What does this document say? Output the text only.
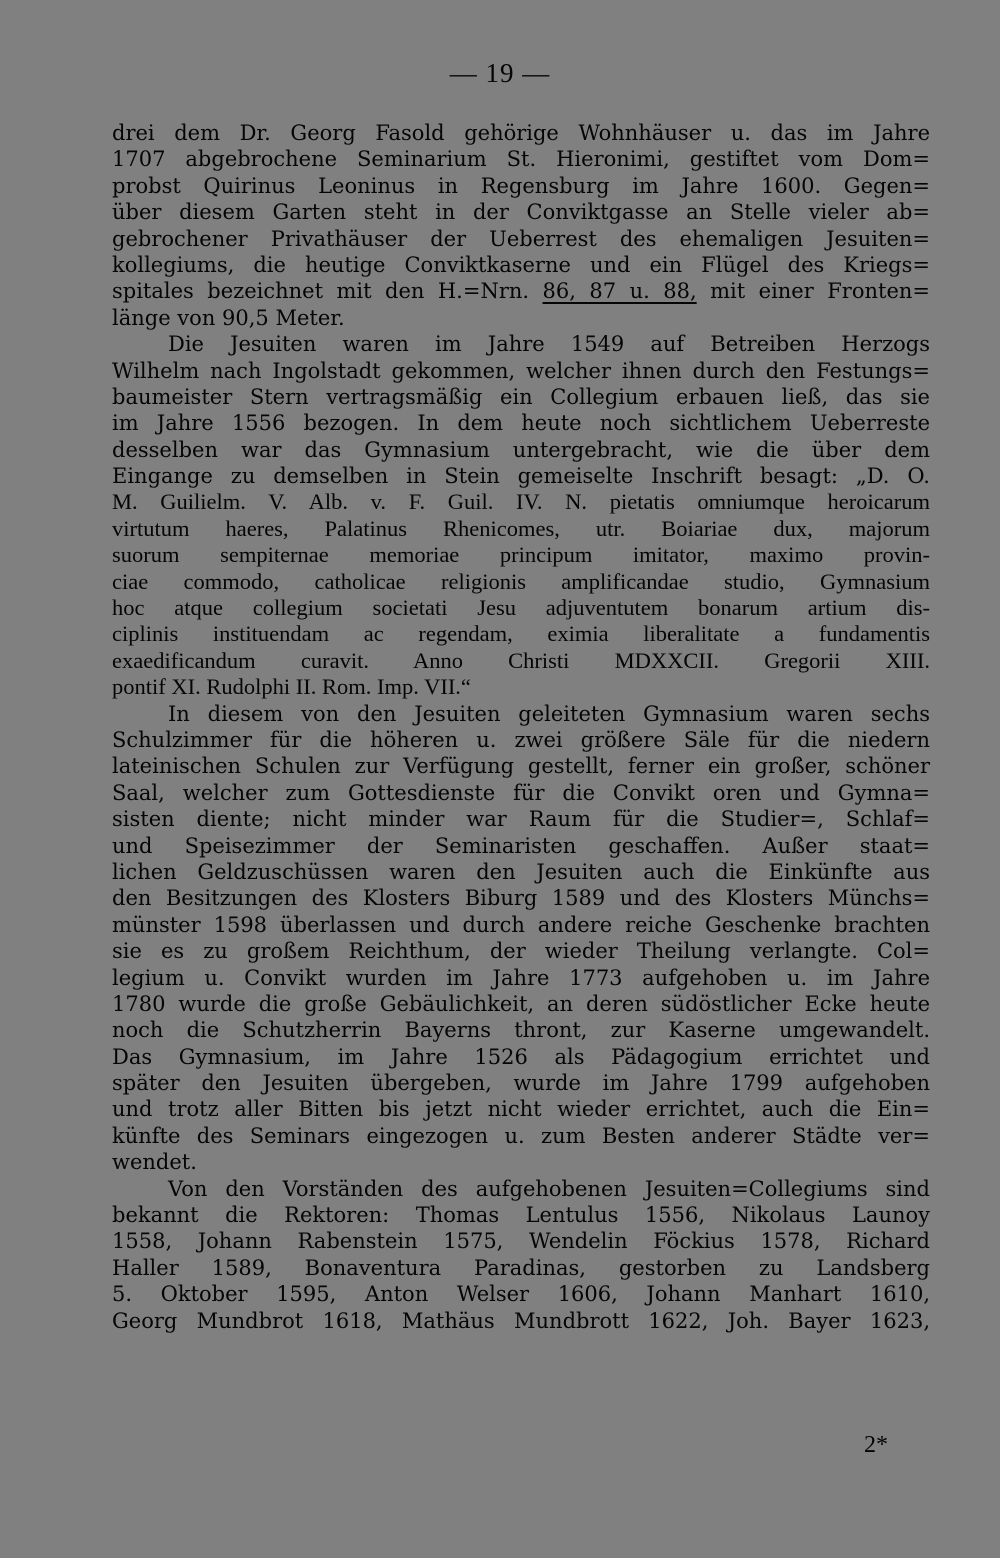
— 19 —
drei dem Dr. Georg Fasold gehörige Wohnhäuser u. das im Jahre
1707 abgebrochene Seminarium St. Hieronimi, gestiftet vom Dom=
probst Quirinus Leoninus in Regensburg im Jahre 1600. Gegen=
über diesem Garten steht in der Conviktgasse an Stelle vieler ab=
gebrochener Privathäuser der Ueberrest des ehemaligen Jesuiten=
kollegiums, die heutige Conviktkaserne und ein Flügel des Kriegs=
spitales bezeichnet mit den H.=Nrn. 86, 87 u. 88, mit einer Fronten=
länge von 90,5 Meter.
Die Jesuiten waren im Jahre 1549 auf Betreiben Herzogs
Wilhelm nach Ingolstadt gekommen, welcher ihnen durch den Festungs=
baumeister Stern vertragsmäßig ein Collegium erbauen ließ, das sie
im Jahre 1556 bezogen. In dem heute noch sichtlichem Ueberreste
desselben war das Gymnasium untergebracht, wie die über dem
Eingange zu demselben in Stein gemeiselte Inschrift besagt: „D. O.
M. Guilielm. V. Alb. v. F. Guil. IV. N. pietatis omniumque heroicarum
virtutum haeres, Palatinus Rhenicomes, utr. Boiariae dux, majorum
suorum sempiternae memoriae principum imitator, maximo provin-
ciae commodo, catholicae religionis amplificandae studio, Gymnasium
hoc atque collegium societati Jesu adjuventutem bonarum artium dis-
ciplinis instituendam ac regendam, eximia liberalitate a fundamentis
exaedificandum curavit. Anno Christi MDXXCII. Gregorii XIII.
pontif XI. Rudolphi II. Rom. Imp. VII.“
In diesem von den Jesuiten geleiteten Gymnasium waren sechs
Schulzimmer für die höheren u. zwei größere Säle für die niedern
lateinischen Schulen zur Verfügung gestellt, ferner ein großer, schöner
Saal, welcher zum Gottesdienste für die Convikt oren und Gymna=
sisten diente; nicht minder war Raum für die Studier=, Schlaf=
und Speisezimmer der Seminaristen geschaffen. Außer staat=
lichen Geldzuschüssen waren den Jesuiten auch die Einkünfte aus
den Besitzungen des Klosters Biburg 1589 und des Klosters Münchs=
münster 1598 überlassen und durch andere reiche Geschenke brachten
sie es zu großem Reichthum, der wieder Theilung verlangte. Col=
legium u. Convikt wurden im Jahre 1773 aufgehoben u. im Jahre
1780 wurde die große Gebäulichkeit, an deren südöstlicher Ecke heute
noch die Schutzherrin Bayerns thront, zur Kaserne umgewandelt.
Das Gymnasium, im Jahre 1526 als Pädagogium errichtet und
später den Jesuiten übergeben, wurde im Jahre 1799 aufgehoben
und trotz aller Bitten bis jetzt nicht wieder errichtet, auch die Ein=
künfte des Seminars eingezogen u. zum Besten anderer Städte ver=
wendet.
Von den Vorständen des aufgehobenen Jesuiten=Collegiums sind
bekannt die Rektoren: Thomas Lentulus 1556, Nikolaus Launoy
1558, Johann Rabenstein 1575, Wendelin Föckius 1578, Richard
Haller 1589, Bonaventura Paradinas, gestorben zu Landsberg
5. Oktober 1595, Anton Welser 1606, Johann Manhart 1610,
Georg Mundbrot 1618, Mathäus Mundbrott 1622, Joh. Bayer 1623,
2*
